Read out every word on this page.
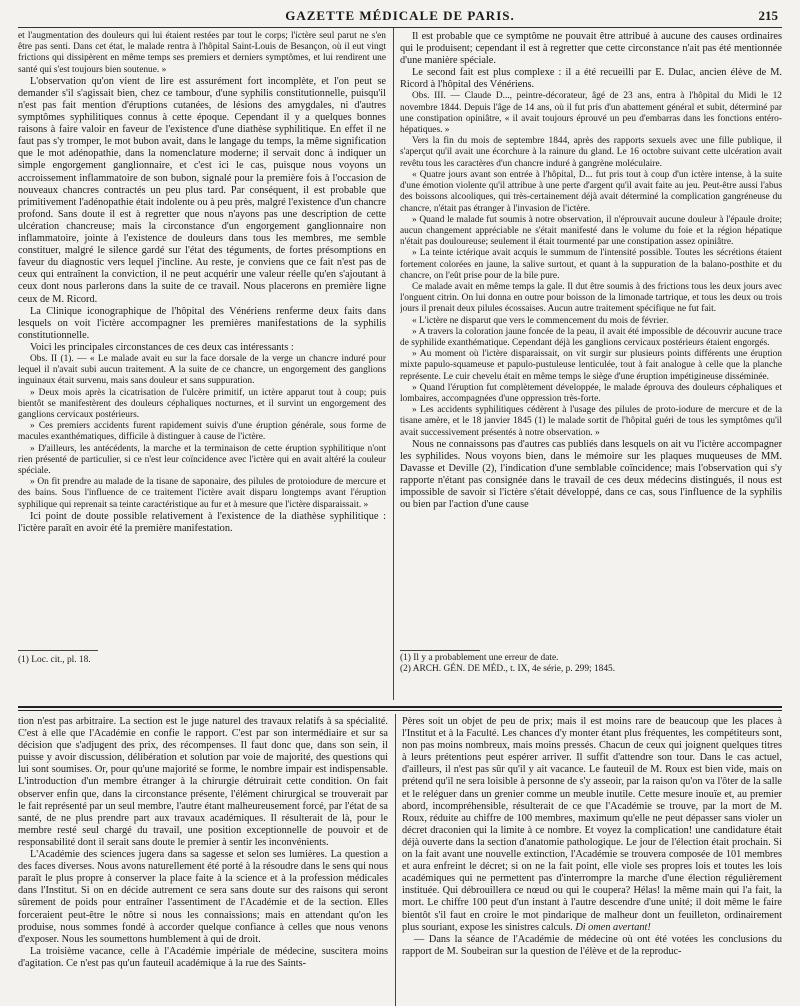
GAZETTE MÉDICALE DE PARIS.	215

et l'augmentation des douleurs qui lui étaient restées par tout le corps; l'ictère seul parut ne s'en être pas senti. Dans cet état, le malade rentra à l'hôpital Saint-Louis de Besançon, où il eut vingt frictions qui dissipèrent en même temps ses premiers et derniers symptômes, et lui rendirent une santé qui s'est toujours bien soutenue. »

L'observation qu'on vient de lire est assurément fort incomplète, et l'on peut se demander s'il s'agissait bien, chez ce tambour, d'une syphilis constitutionnelle, puisqu'il n'est pas fait mention d'éruptions cutanées, de lésions des amygdales, ni d'autres symptômes syphilitiques connus à cette époque. Cependant il y a quelques bonnes raisons à faire valoir en faveur de l'existence d'une diathèse syphilitique. En effet il ne faut pas s'y tromper, le mot bubon avait, dans le langage du temps, la même signification que le mot adénopathie, dans la nomenclature moderne; il servait donc à indiquer un simple engorgement ganglionnaire, et c'est ici le cas, puisque nous voyons un accroissement inflammatoire de son bubon, signalé pour la première fois à l'occasion de nouveaux chancres contractés un peu plus tard. Par conséquent, il est probable que primitivement l'adénopathie était indolente ou à peu près, malgré l'existence d'un chancre profond. Sans doute il est à regretter que nous n'ayons pas une description de cette ulcération chancreuse; mais la circonstance d'un engorgement ganglionnaire non inflammatoire, jointe à l'existence de douleurs dans tous les membres, me semble constituer, malgré le silence gardé sur l'état des téguments, de fortes présomptions en faveur du diagnostic vers lequel j'incline. Au reste, je conviens que ce fait n'est pas de ceux qui entraînent la conviction, il ne peut acquérir une valeur réelle qu'en s'ajoutant à ceux dont nous parlerons dans la suite de ce travail. Nous placerons en première ligne ceux de M. Ricord.

La Clinique iconographique de l'hôpital des Vénériens renferme deux faits dans lesquels on voit l'ictère accompagner les premières manifestations de la syphilis constitutionnelle.

Voici les principales circonstances de ces deux cas intéressants :

Obs. II (1). — « Le malade avait eu sur la face dorsale de la verge un chancre induré pour lequel il n'avait subi aucun traitement. A la suite de ce chancre, un engorgement des ganglions inguinaux était survenu, mais sans douleur et sans suppuration.

» Deux mois après la cicatrisation de l'ulcère primitif, un ictère apparut tout à coup; puis bientôt se manifestèrent des douleurs céphaliques nocturnes, et il survint un engorgement des ganglions cervicaux postérieurs.

» Ces premiers accidents furent rapidement suivis d'une éruption générale, sous forme de macules exanthématiques, difficile à distinguer à cause de l'ictère.

» D'ailleurs, les antécédents, la marche et la terminaison de cette éruption syphilitique n'ont rien présenté de particulier, si ce n'est leur coïncidence avec l'ictère qui en avait altéré la couleur spéciale.

» On fit prendre au malade de la tisane de saponaire, des pilules de protoiodure de mercure et des bains. Sous l'influence de ce traitement l'ictère avait disparu longtemps avant l'éruption syphilique qui reprenait sa teinte caractéristique au fur et à mesure que l'ictère disparaissait. »

Ici point de doute possible relativement à l'existence de la diathèse syphilitique : l'ictère paraît en avoir été la première manifestation.

Il est probable que ce symptôme ne pouvait être attribué à aucune des causes ordinaires qui le produisent; cependant il est à regretter que cette circonstance n'ait pas été mentionnée d'une manière spéciale.

Le second fait est plus complexe : il a été recueilli par E. Dulac, ancien élève de M. Ricord à l'hôpital des Vénériens.

Obs. III. — Claude D..., peintre-décorateur, âgé de 23 ans, entra à l'hôpital du Midi le 12 novembre 1844. Depuis l'âge de 14 ans, où il fut pris d'un abattement général et subit, déterminé par une constipation opiniâtre, « il avait toujours éprouvé un peu d'embarras dans les fonctions entéro-hépatiques. »

Vers la fin du mois de septembre 1844, après des rapports sexuels avec une fille publique, il s'aperçut qu'il avait une écorchure à la rainure du gland. Le 16 octobre suivant cette ulcération avait revêtu tous les caractères d'un chancre induré à gangrène moléculaire.

« Quatre jours avant son entrée à l'hôpital, D... fut pris tout à coup d'un ictère intense, à la suite d'une émotion violente qu'il attribue à une perte d'argent qu'il avait faite au jeu. Peut-être aussi l'abus des boissons alcooliques, qui très-certainement déjà avait déterminé la complication gangréneuse du chancre, n'était pas étranger à l'invasion de l'ictère.

» Quand le malade fut soumis à notre observation, il n'éprouvait aucune douleur à l'épaule droite; aucun changement appréciable ne s'était manifesté dans le volume du foie et la région hépatique n'était pas douloureuse; seulement il était tourmenté par une constipation assez opiniâtre.

» La teinte ictérique avait acquis le summum de l'intensité possible. Toutes les sécrétions étaient fortement colorées en jaune, la salive surtout, et quant à la suppuration de la balano-posthite et du chancre, on l'eût prise pour de la bile pure.

Ce malade avait en même temps la gale. Il dut être soumis à des frictions tous les deux jours avec l'onguent citrin. On lui donna en outre pour boisson de la limonade tartrique, et tous les deux ou trois jours il prenait deux pilules écossaises. Aucun autre traitement spécifique ne fut fait.

« L'ictère ne disparut que vers le commencement du mois de février.

» A travers la coloration jaune foncée de la peau, il avait été impossible de découvrir aucune trace de syphilide exanthématique. Cependant déjà les ganglions cervicaux postérieurs étaient engorgés.

» Au moment où l'ictère disparaissait, on vit surgir sur plusieurs points différents une éruption mixte papulo-squameuse et papulo-pustuleuse lenticulée, tout à fait analogue à celle que la planche représente. Le cuir chevelu était en même temps le siège d'une éruption impétigineuse disséminée.

» Quand l'éruption fut complètement développée, le malade éprouva des douleurs céphaliques et lombaires, accompagnées d'une oppression très-forte.

» Les accidents syphilitiques cédèrent à l'usage des pilules de proto-iodure de mercure et de la tisane amère, et le 18 janvier 1845 (1) le malade sortit de l'hôpital guéri de tous les symptômes qu'il avait successivement présentés à notre observation. »

Nous ne connaissons pas d'autres cas publiés dans lesquels on ait vu l'ictère accompagner les syphilides. Nous voyons bien, dans le mémoire sur les plaques muqueuses de MM. Davasse et Deville (2), l'indication d'une semblable coïncidence; mais l'observation qui s'y rapporte n'étant pas consignée dans le travail de ces deux médecins distingués, il nous est impossible de savoir si l'ictère s'était développé, dans ce cas, sous l'influence de la syphilis ou bien par l'action d'une cause

(1) Loc. cit., pl. 18.	(1) Il y a probablement une erreur de date.

(2) ARCH. GÉN. DE MÉD., t. IX, 4e série, p. 299; 1845.

tion n'est pas arbitraire. La section est le juge naturel des travaux relatifs à sa spécialité. C'est à elle que l'Académie en confie le rapport. C'est par son intermédiaire et sur sa décision que s'adjugent des prix, des récompenses. Il faut donc que, dans son sein, il puisse y avoir discussion, délibération et solution par voie de majorité, des questions qui lui sont soumises. Or, pour qu'une majorité se forme, le nombre impair est indispensable. L'introduction d'un membre étranger à la chirurgie détruirait cette condition. On fait observer enfin que, dans la circonstance présente, l'élément chirurgical se trouverait par le fait représenté par un seul membre, l'autre étant malheureusement forcé, par l'état de sa santé, de ne plus prendre part aux travaux académiques. Il résulterait de là, pour le membre resté seul chargé du travail, une position exceptionnelle de pouvoir et de responsabilité dont il serait sans doute le premier à sentir les inconvénients.

L'Académie des sciences jugera dans sa sagesse et selon ses lumières. La question a des faces diverses. Nous avons naturellement été porté à la résoudre dans le sens qui nous paraît le plus propre à conserver la place faite à la science et à la profession médicales dans l'Institut. Si on en décide autrement ce sera sans doute sur des raisons qui seront sûrement de poids pour entraîner l'assentiment de l'Académie et de la section. Elles forceraient peut-être le nôtre si nous les connaissions; mais en attendant qu'on les produise, nous sommes fondé à accorder quelque confiance à celles que nous venons d'exposer. Nous les soumettons humblement à qui de droit.

La troisième vacance, celle à l'Académie impériale de médecine, suscitera moins d'agitation. Ce n'est pas qu'un fauteuil académique à la rue des Saints-

Pères soit un objet de peu de prix; mais il est moins rare de beaucoup que les places à l'Institut et à la Faculté. Les chances d'y monter étant plus fréquentes, les compétiteurs sont, non pas moins nombreux, mais moins pressés. Chacun de ceux qui joignent quelques titres à leurs prétentions peut espérer arriver. Il suffit d'attendre son tour. Dans le cas actuel, d'ailleurs, il n'est pas sûr qu'il y ait vacance. Le fauteuil de M. Roux est bien vide, mais on prétend qu'il ne sera loisible à personne de s'y asseoir, par la raison qu'on va l'ôter de la salle et le reléguer dans un grenier comme un meuble inutile. Cette mesure inouïe et, au premier abord, incompréhensible, résulterait de ce que l'Académie se trouve, par la mort de M. Roux, réduite au chiffre de 100 membres, maximum qu'elle ne peut dépasser sans violer un décret draconien qui la limite à ce nombre. Et voyez la complication! une candidature était déjà ouverte dans la section d'anatomie pathologique. Le jour de l'élection était prochain. Si on la fait avant une nouvelle extinction, l'Académie se trouvera composée de 101 membres et aura enfreint le décret; si on ne la fait point, elle viole ses propres lois et toutes les lois académiques qui ne permettent pas d'interrompre la marche d'une élection régulièrement instituée. Qui débrouillera ce nœud ou qui le coupera? Hélas! la même main qui l'a fait, la mort. Le chiffre 100 peut d'un instant à l'autre descendre d'une unité; il doit même le faire bientôt s'il faut en croire le mot pindarique de malheur dont un feuilleton, ordinairement plus souriant, expose les sinistres calculs. Di omen avertant!

— Dans la séance de l'Académie de médecine où ont été votées les conclusions du rapport de M. Soubeiran sur la question de l'élève et de la reproduc-
